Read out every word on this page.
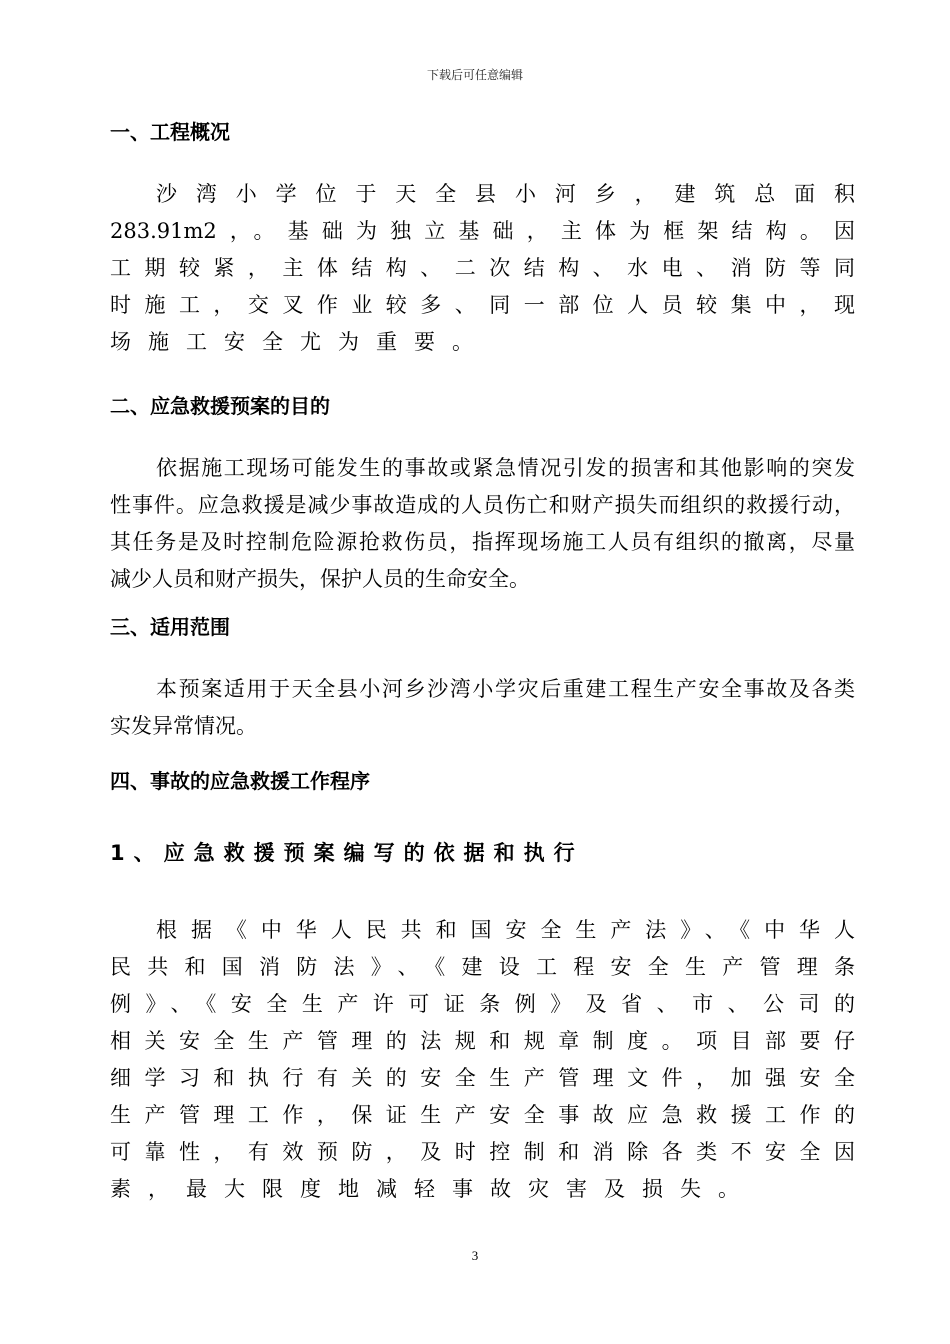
下载后可任意编辑
一、工程概况
沙湾小学位于天全县小河乡，建筑总面积
283.91m2，。基础为独立基础，主体为框架结构。因
工期较紧，主体结构、二次结构、水电、消防等同
时施工，交叉作业较多、同一部位人员较集中，现
场施工安全尤为重要。
二、应急救援预案的目的
依据施工现场可能发生的事故或紧急情况引发的损害和其他影响的突发
性事件。应急救援是减少事故造成的人员伤亡和财产损失而组织的救援行动，
其任务是及时控制危险源抢救伤员，指挥现场施工人员有组织的撤离，尽量
减少人员和财产损失，保护人员的生命安全。
三、适用范围
本预案适用于天全县小河乡沙湾小学灾后重建工程生产安全事故及各类
实发异常情况。
四、事故的应急救援工作程序
1、应急救援预案编写的依据和执行
根据《中华人民共和国安全生产法》、《中华人
民共和国消防法》、《建设工程安全生产管理条
例》、《安全生产许可证条例》及省、市、公司的
相关安全生产管理的法规和规章制度。项目部要仔
细学习和执行有关的安全生产管理文件，加强安全
生产管理工作，保证生产安全事故应急救援工作的
可靠性，有效预防，及时控制和消除各类不安全因
素，最大限度地减轻事故灾害及损失。
3
